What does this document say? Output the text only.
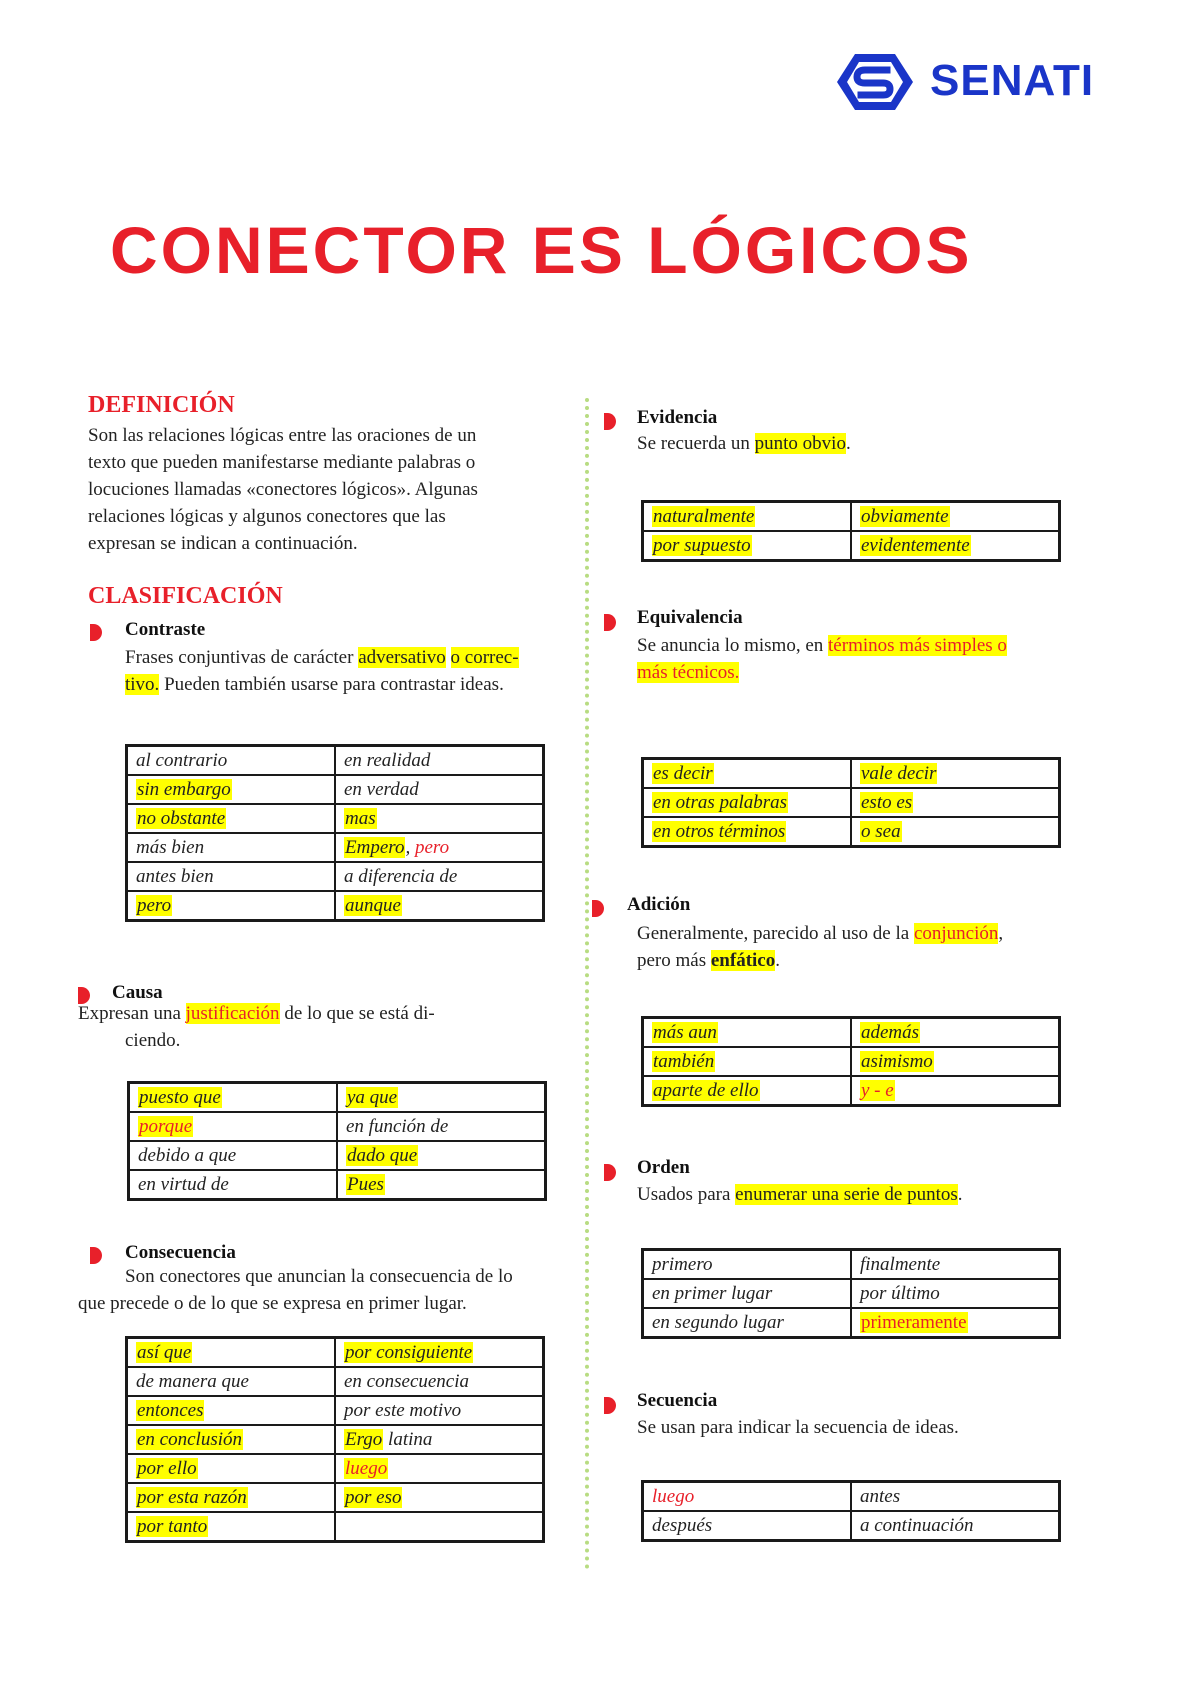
SENATI
CONECTOR ES LÓGICOS
DEFINICIÓN
Son las relaciones lógicas entre las oraciones de un
texto que pueden manifestarse mediante palabras o
locuciones llamadas «conectores lógicos». Algunas
relaciones lógicas y algunos conectores que las
expresan se indican a continuación.
CLASIFICACIÓN
Contraste
Frases conjuntivas de carácter adversativo o correc-
tivo. Pueden también usarse para contrastar ideas.
al contrario	en realidad
sin embargo	en verdad
no obstante	mas
más bien	Empero, pero
antes bien	a diferencia de
pero	aunque
Causa
Expresan una justificación de lo que se está di-
ciendo.
puesto que	ya que
porque	en función de
debido a que	dado que
en virtud de	Pues
Consecuencia
Son conectores que anuncian la consecuencia de lo
que precede o de lo que se expresa en primer lugar.
así que	por consiguiente
de manera que	en consecuencia
entonces	por este motivo
en conclusión	Ergo latina
por ello	luego
por esta razón	por eso
por tanto	
Evidencia
Se recuerda un punto obvio.
naturalmente	obviamente
por supuesto	evidentemente
Equivalencia
Se anuncia lo mismo, en términos más simples o
más técnicos.
es decir	vale decir
en otras palabras	esto es
en otros términos	o sea
Adición
Generalmente, parecido al uso de la conjunción,
pero más enfático.
más aun	además
también	asimismo
aparte de ello	y - e
Orden
Usados para enumerar una serie de puntos.
primero	finalmente
en primer lugar	por último
en segundo lugar	primeramente
Secuencia
Se usan para indicar la secuencia de ideas.
luego	antes
después	a continuación
